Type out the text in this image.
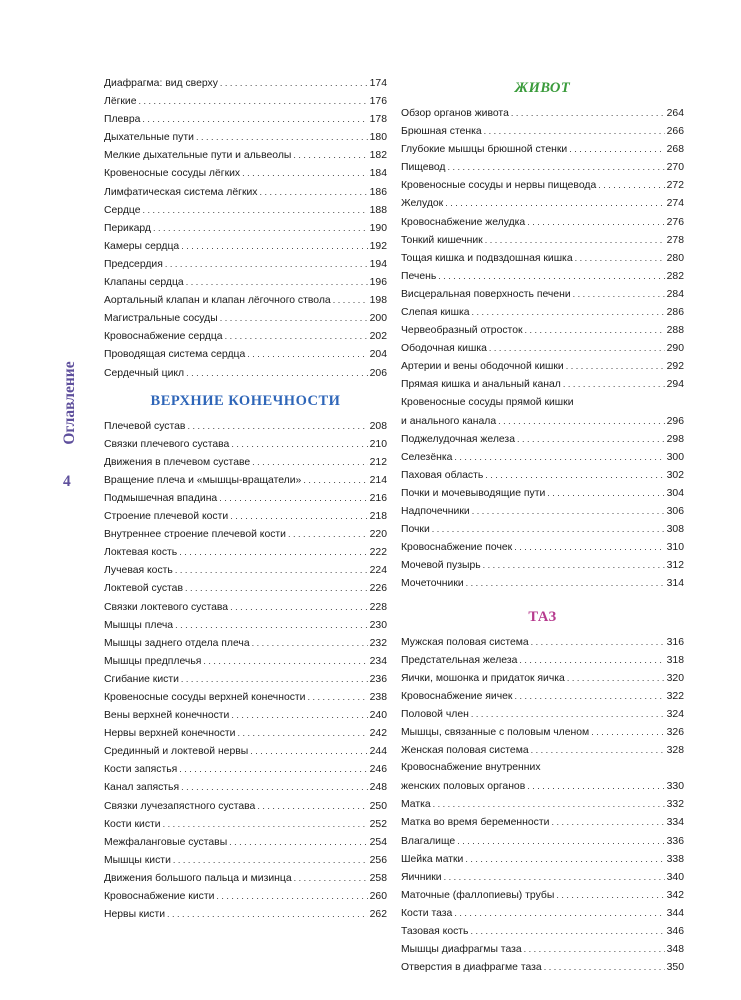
Оглавление
4
Диафрагма: вид сверху . . .	174
Лёгкие . . .	176
Плевра . . .	178
Дыхательные пути . . .	180
Мелкие дыхательные пути и альвеолы . . .	182
Кровеносные сосуды лёгких . . .	184
Лимфатическая система лёгких . . .	186
Сердце . . .	188
Перикард . . .	190
Камеры сердца . . .	192
Предсердия . . .	194
Клапаны сердца . . .	196
Аортальный клапан и клапан лёгочного ствола . . .	198
Магистральные сосуды . . .	200
Кровоснабжение сердца . . .	202
Проводящая система сердца . . .	204
Сердечный цикл . . .	206
ВЕРХНИЕ КОНЕЧНОСТИ
Плечевой сустав . . .	208
Связки плечевого сустава . . .	210
Движения в плечевом суставе . . .	212
Вращение плеча и «мышцы-вращатели» . . .	214
Подмышечная впадина . . .	216
Строение плечевой кости . . .	218
Внутреннее строение плечевой кости . . .	220
Локтевая кость . . .	222
Лучевая кость . . .	224
Локтевой сустав . . .	226
Связки локтевого сустава . . .	228
Мышцы плеча . . .	230
Мышцы заднего отдела плеча . . .	232
Мышцы предплечья . . .	234
Сгибание кисти . . .	236
Кровеносные сосуды верхней конечности . . .	238
Вены верхней конечности . . .	240
Нервы верхней конечности . . .	242
Срединный и локтевой нервы . . .	244
Кости запястья . . .	246
Канал запястья . . .	248
Связки лучезапястного сустава . . .	250
Кости кисти . . .	252
Межфаланговые суставы . . .	254
Мышцы кисти . . .	256
Движения большого пальца и мизинца . . .	258
Кровоснабжение кисти . . .	260
Нервы кисти . . .	262
ЖИВОТ
Обзор органов живота . . .	264
Брюшная стенка . . .	266
Глубокие мышцы брюшной стенки . . .	268
Пищевод . . .	270
Кровеносные сосуды и нервы пищевода . . .	272
Желудок . . .	274
Кровоснабжение желудка . . .	276
Тонкий кишечник . . .	278
Тощая кишка и подвздошная кишка . . .	280
Печень . . .	282
Висцеральная поверхность печени . . .	284
Слепая кишка . . .	286
Червеобразный отросток . . .	288
Ободочная кишка . . .	290
Артерии и вены ободочной кишки . . .	292
Прямая кишка и анальный канал . . .	294
Кровеносные сосуды прямой кишки
и анального канала . . .	296
Поджелудочная железа . . .	298
Селезёнка . . .	300
Паховая область . . .	302
Почки и мочевыводящие пути . . .	304
Надпочечники . . .	306
Почки . . .	308
Кровоснабжение почек . . .	310
Мочевой пузырь . . .	312
Мочеточники . . .	314
ТАЗ
Мужская половая система . . .	316
Предстательная железа . . .	318
Яички, мошонка и придаток яичка . . .	320
Кровоснабжение яичек . . .	322
Половой член . . .	324
Мышцы, связанные с половым членом . . .	326
Женская половая система . . .	328
Кровоснабжение внутренних
женских половых органов . . .	330
Матка . . .	332
Матка во время беременности . . .	334
Влагалище . . .	336
Шейка матки . . .	338
Яичники . . .	340
Маточные (фаллопиевы) трубы . . .	342
Кости таза . . .	344
Тазовая кость . . .	346
Мышцы диафрагмы таза . . .	348
Отверстия в диафрагме таза . . .	350
